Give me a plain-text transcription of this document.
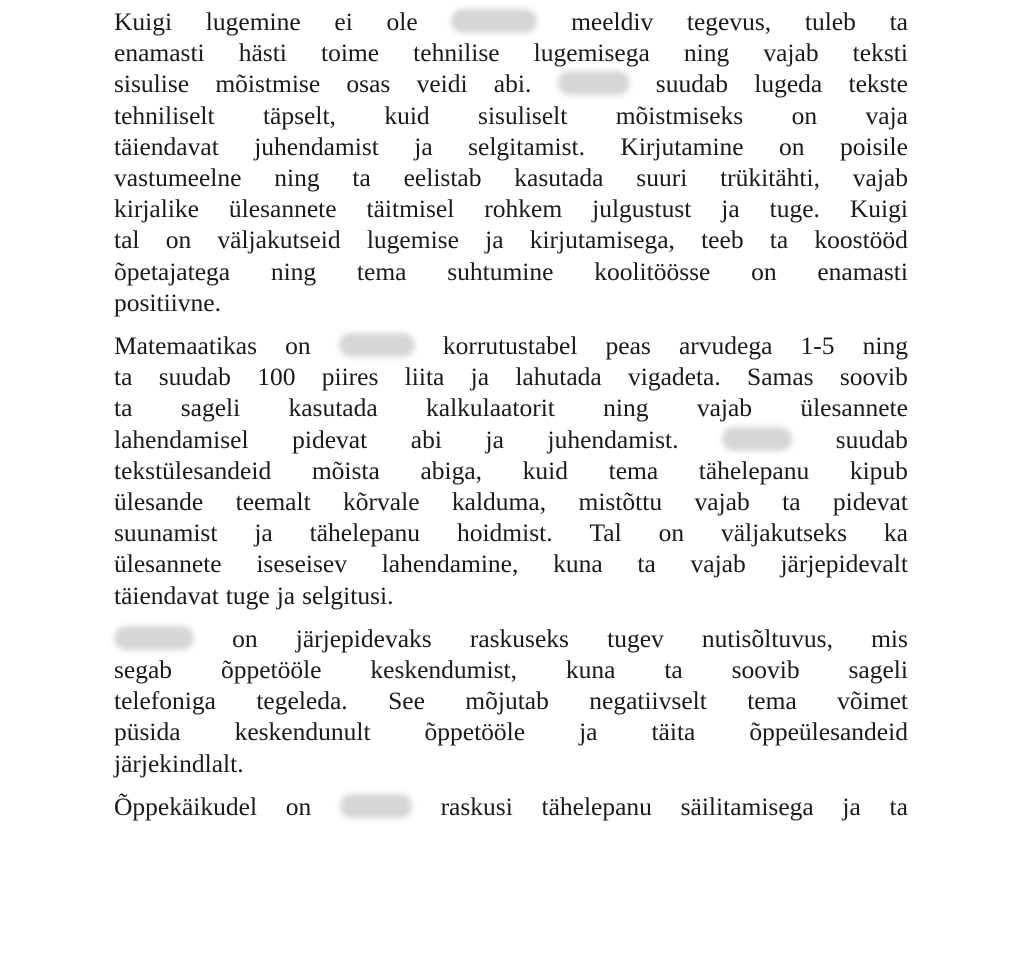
Kuigi lugemine ei ole	meeldiv tegevus, tuleb ta
enamasti hästi toime tehnilise lugemisega ning vajab teksti
sisulise mõistmise osas veidi abi.	suudab lugeda tekste
tehniliselt täpselt, kuid sisuliselt mõistmiseks on vaja
täiendavat juhendamist ja selgitamist. Kirjutamine on poisile
vastumeelne ning ta eelistab kasutada suuri trükitähti, vajab
kirjalike ülesannete täitmisel rohkem julgustust ja tuge. Kuigi
tal on väljakutseid lugemise ja kirjutamisega, teeb ta koostööd
õpetajatega ning tema suhtumine koolitöösse on enamasti
positiivne.
Matemaatikas on	korrutustabel peas arvudega 1-5 ning
ta suudab 100 piires liita ja lahutada vigadeta. Samas soovib
ta sageli kasutada kalkulaatorit ning vajab ülesannete
lahendamisel pidevat abi ja juhendamist.	suudab
tekstülesandeid mõista abiga, kuid tema tähelepanu kipub
ülesande teemalt kõrvale kalduma, mistõttu vajab ta pidevat
suunamist ja tähelepanu hoidmist. Tal on väljakutseks ka
ülesannete iseseisev lahendamine, kuna ta vajab järjepidevalt
täiendavat tuge ja selgitusi.
on järjepidevaks raskuseks tugev nutisõltuvus, mis
segab õppetööle keskendumist, kuna ta soovib sageli
telefoniga tegeleda. See mõjutab negatiivselt tema võimet
püsida keskendunult õppetööle ja täita õppeülesandeid
järjekindlalt.
Õppekäikudel on	raskusi tähelepanu säilitamisega ja ta
